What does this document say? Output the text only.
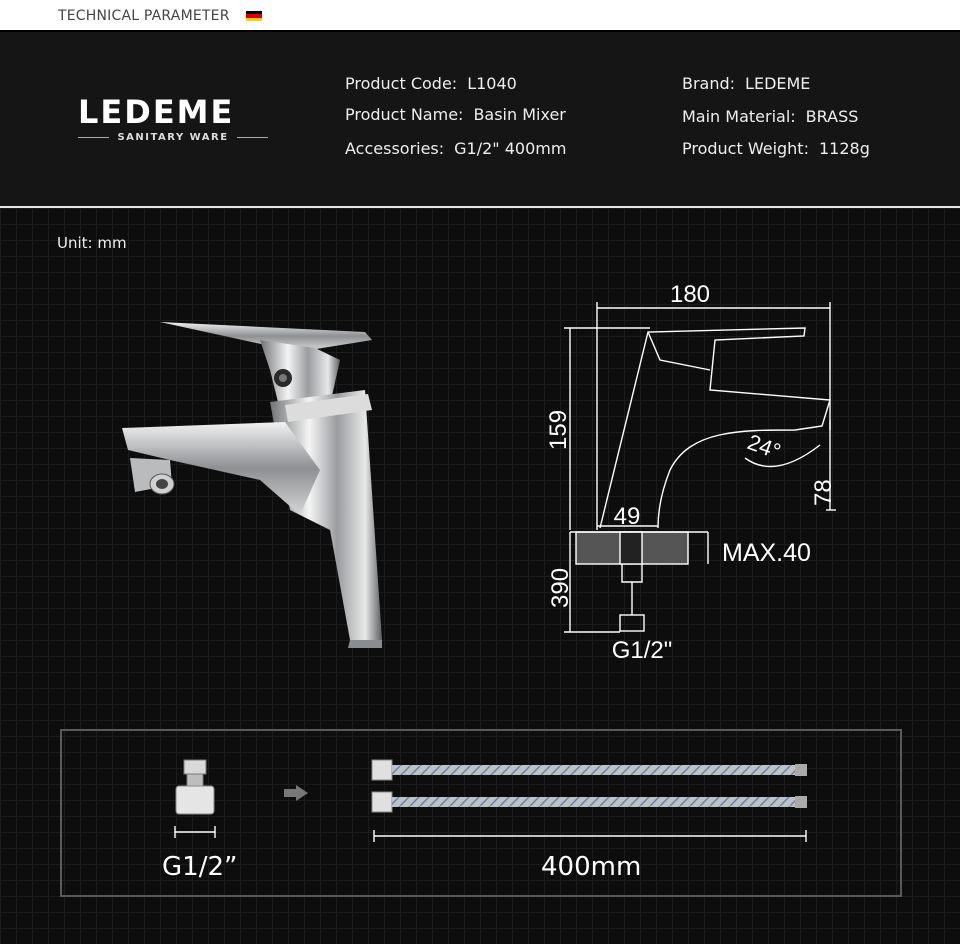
TECHNICAL PARAMETER
LEDEME
SANITARY WARE
Product Code: L1040
Product Name: Basin Mixer
Accessories: G1/2" 400mm
Brand: LEDEME
Main Material: BRASS
Product Weight: 1128g
Unit: mm
180
159
49
24°
78
MAX.40
390
G1/2"
G1/2”	400mm
